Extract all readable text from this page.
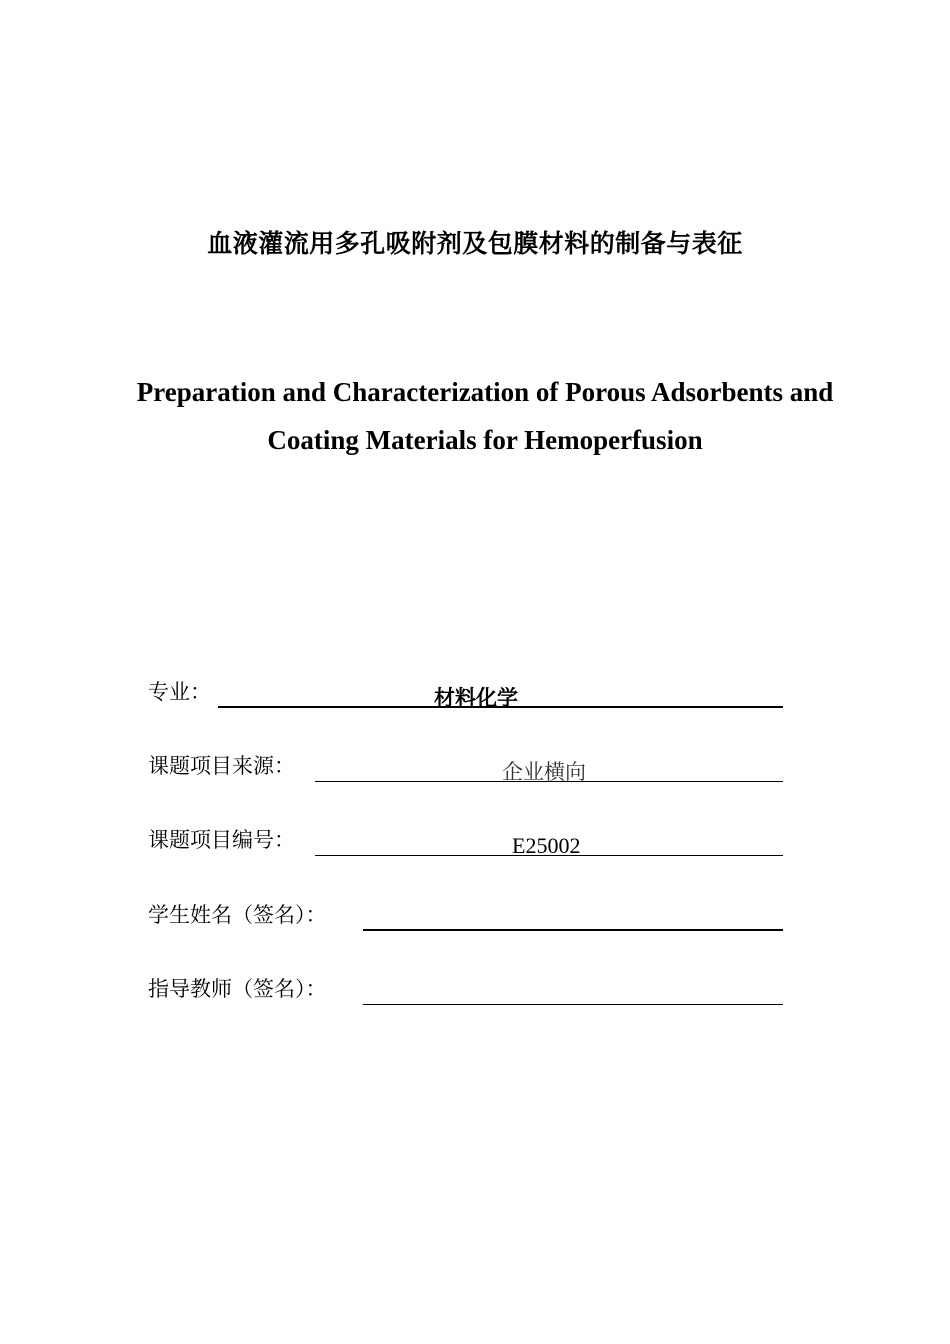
血液灌流用多孔吸附剂及包膜材料的制备与表征
Preparation and Characterization of Porous Adsorbents and
Coating Materials for Hemoperfusion
专业：	材料化学
课题项目来源：	企业横向
课题项目编号：	E25002
学生姓名（签名）：
指导教师（签名）：
